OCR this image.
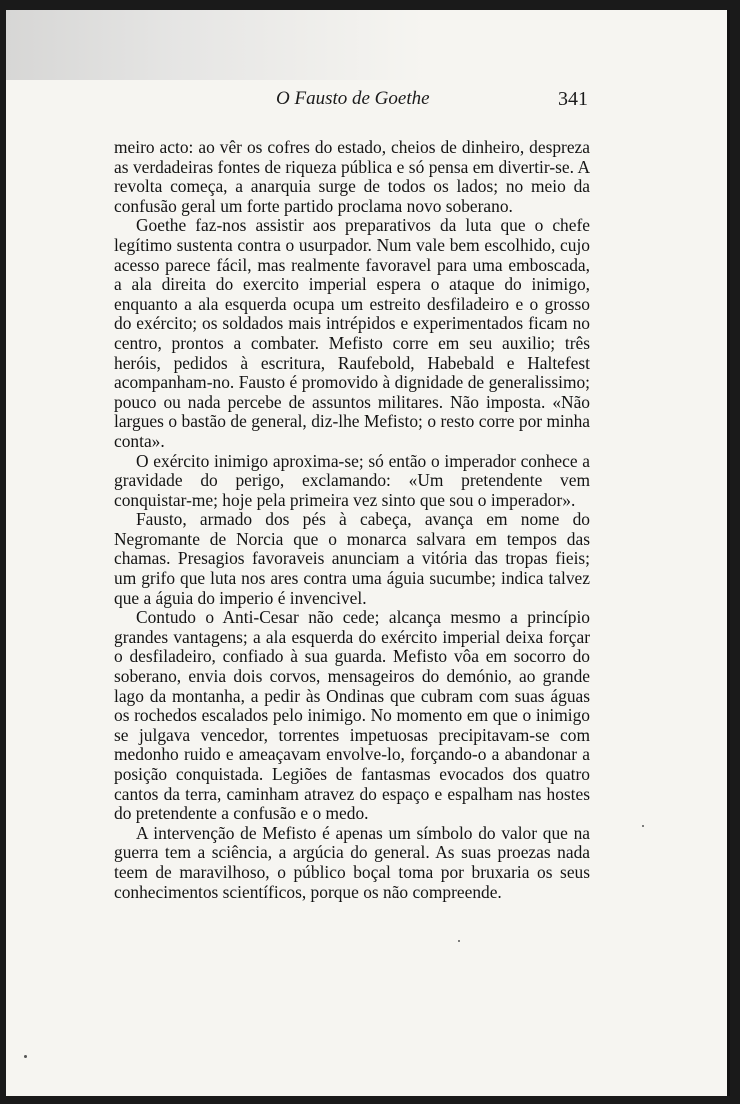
O Fausto de Goethe	341

meiro acto: ao vêr os cofres do estado, cheios de dinheiro, despreza as verdadeiras fontes de riqueza pública e só pensa em divertir-se. A revolta começa, a anarquia surge de todos os lados; no meio da confusão geral um forte partido proclama novo soberano.

Goethe faz-nos assistir aos preparativos da luta que o chefe legítimo sustenta contra o usurpador. Num vale bem escolhido, cujo acesso parece fácil, mas realmente favoravel para uma emboscada, a ala direita do exercito imperial espera o ataque do inimigo, enquanto a ala esquerda ocupa um estreito desfiladeiro e o grosso do exército; os soldados mais intrépidos e experimentados ficam no centro, prontos a combater. Mefisto corre em seu auxilio; três heróis, pedidos à escritura, Raufebold, Habebald e Haltefest acompanham-no. Fausto é promovido à dignidade de generalissimo; pouco ou nada percebe de assuntos militares. Não imposta. «Não largues o bastão de general, diz-lhe Mefisto; o resto corre por minha conta».

O exército inimigo aproxima-se; só então o imperador conhece a gravidade do perigo, exclamando: «Um pretendente vem conquistar-me; hoje pela primeira vez sinto que sou o imperador».

Fausto, armado dos pés à cabeça, avança em nome do Negromante de Norcia que o monarca salvara em tempos das chamas. Presagios favoraveis anunciam a vitória das tropas fieis; um grifo que luta nos ares contra uma águia sucumbe; indica talvez que a águia do imperio é invencivel.

Contudo o Anti-Cesar não cede; alcança mesmo a princípio grandes vantagens; a ala esquerda do exército imperial deixa forçar o desfiladeiro, confiado à sua guarda. Mefisto vôa em socorro do soberano, envia dois corvos, mensageiros do demónio, ao grande lago da montanha, a pedir às Ondinas que cubram com suas águas os rochedos escalados pelo inimigo. No momento em que o inimigo se julgava vencedor, torrentes impetuosas precipitavam-se com medonho ruido e ameaçavam envolve-lo, forçando-o a abandonar a posição conquistada. Legiões de fantasmas evocados dos quatro cantos da terra, caminham atravez do espaço e espalham nas hostes do pretendente a confusão e o medo.

A intervenção de Mefisto é apenas um símbolo do valor que na guerra tem a sciência, a argúcia do general. As suas proezas nada teem de maravilhoso, o público boçal toma por bruxaria os seus conhecimentos scientíficos, porque os não compreende.
